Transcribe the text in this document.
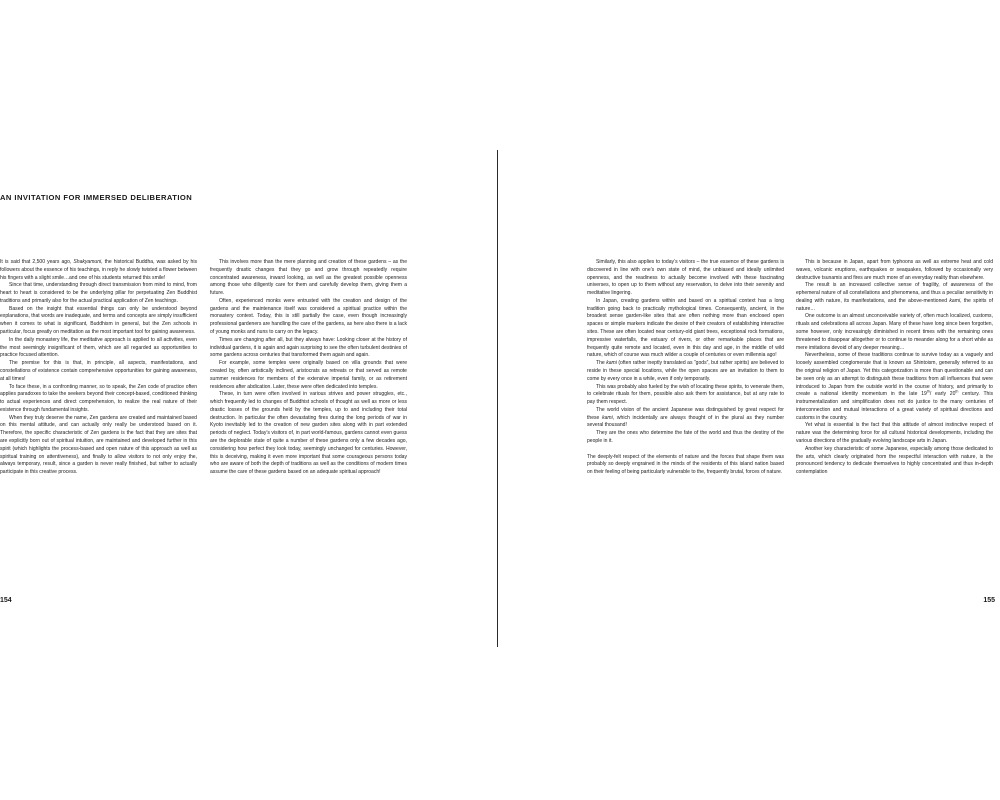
AN INVITATION FOR IMMERSED DELIBERATION

154	155

It is said that 2,500 years ago, Shakyamuni, the historical Buddha, was asked by his followers about the essence of his teachings, in reply he slowly twisted a flower between his fingers with a slight smile…and one of his students returned this smile!

Since that time, understanding through direct transmission from mind to mind, from heart to heart is considered to be the underlying pillar for perpetuating Zen Buddhist traditions and primarily also for the actual practical application of Zen teachings.

Based on the insight that essential things can only be understood beyond explanations, that words are inadequate, and terms and concepts are simply insufficient when it comes to what is significant, Buddhism in general, but the Zen schools in particular, focus greatly on meditation as the most important tool for gaining awareness.

In the daily monastery life, the meditative approach is applied to all activities, even the most seemingly insignificant of them, which are all regarded as opportunities to practice focused attention.

The premise for this is that, in principle, all aspects, manifestations, and constellations of existence contain comprehensive opportunities for gaining awareness, at all times!

To face these, in a confronting manner, so to speak, the Zen code of practice often applies paradoxes to take the seekers beyond their concept-based, conditioned thinking to actual experiences and direct comprehension, to realize the real nature of their existence through fundamental insights.

When they truly deserve the name, Zen gardens are created and maintained based on this mental attitude, and can actually only really be understood based on it. Therefore, the specific characteristic of Zen gardens is the fact that they are sites that are explicitly born out of spiritual intuition, are maintained and developed further in this spirit (which highlights the process-based and open nature of this approach as well as spiritual training on attentiveness), and finally to allow visitors to not only enjoy the, always temporary, result, since a garden is never really finished, but rather to actually participate in this creative process.

This involves more than the mere planning and creation of these gardens – as the frequently drastic changes that they go and grow through repeatedly require concentrated awareness, inward looking, as well as the greatest possible openness among those who diligently care for them and carefully develop them, giving them a future.

Often, experienced monks were entrusted with the creation and design of the gardens and the maintenance itself was considered a spiritual practice within the monastery context. Today, this is still partially the case, even though increasingly professional gardeners are handling the care of the gardens, as here also there is a lack of young monks and nuns to carry on the legacy.

Times are changing after all, but they always have: Looking closer at the history of individual gardens, it is again and again surprising to see the often turbulent destinies of some gardens across centuries that transformed them again and again.

For example, some temples were originally based on villa grounds that were created by, often artistically inclined, aristocrats as retreats or that served as remote summer residences for members of the extensive imperial family, or as retirement residences after abdication. Later, these were often dedicated into temples.

These, in turn were often involved in various strives and power struggles, etc., which frequently led to changes of Buddhist schools of thought as well as more or less drastic losses of the grounds held by the temples, up to and including their total destruction. In particular the often devastating fires during the long periods of war in Kyoto inevitably led to the creation of new garden sites along with in part extended periods of neglect. Today’s visitors of, in part world-famous, gardens cannot even guess are the deplorable state of quite a number of these gardens only a few decades ago, considering how perfect they look today, seemingly unchanged for centuries. However, this is deceiving, making it even more important that some courageous persons today who are aware of both the depth of traditions as well as the conditions of modern times assume the care of these gardens based on an adequate spiritual approach!

Similarly, this also applies to today’s visitors – the true essence of these gardens is discovered in line with one’s own state of mind, the unbiased and ideally unlimited openness, and the readiness to actually become involved with these fascinating universes, to open up to them without any reservation, to delve into their serenity and meditative lingering.

In Japan, creating gardens within and based on a spiritual context has a long tradition going back to practically mythological times. Consequently, ancient, in the broadest sense garden-like sites that are often nothing more than enclosed open spaces or simple markers indicate the desire of their creators of establishing interactive sites. These are often located near century-old giant trees, exceptional rock formations, impressive waterfalls, the estuary of rivers, or other remarkable places that are frequently quite remote and located, even in this day and age, in the middle of wild nature, which of course was much wilder a couple of centuries or even millennia ago!

The kami (often rather ineptly translated as “gods”, but rather spirits) are believed to reside in these special locations, while the open spaces are an invitation to them to come by every once in a while, even if only temporarily.

This was probably also fueled by the wish of locating these spirits, to venerate them, to celebrate rituals for them, possible also ask them for assistance, but at any rate to pay them respect.

The world vision of the ancient Japanese was distinguished by great respect for these kami, which incidentally are always thought of in the plural as they number several thousand!

They are the ones who determine the fate of the world and thus the destiny of the people in it.

The deeply-felt respect of the elements of nature and the forces that shape them was probably so deeply engrained in the minds of the residents of this island nation based on their feeling of being particularly vulnerable to the, frequently brutal, forces of nature.

This is because in Japan, apart from typhoons as well as extreme heat and cold waves, volcanic eruptions, earthquakes or seaquakes, followed by occasionally very destructive tsunamis and fires are much more of an everyday reality than elsewhere.

The result is an increased collective sense of fragility, of awareness of the ephemeral nature of all constellations and phenomena, and thus a peculiar sensitivity in dealing with nature, its manifestations, and the above-mentioned kami, the spirits of nature…

One outcome is an almost unconceivable variety of, often much localized, customs, rituals and celebrations all across Japan. Many of these have long since been forgotten, some however, only increasingly diminished in recent times with the remaining ones threatened to disappear altogether or to continue to meander along for a short while as mere imitations devoid of any deeper meaning…

Nevertheless, some of these traditions continue to survive today as a vaguely and loosely assembled conglomerate that is known as Shintoism, generally referred to as the original religion of Japan. Yet this categorization is more than questionable and can be seen only as an attempt to distinguish these traditions from all influences that were introduced to Japan from the outside world in the course of history, and primarily to create a national identity momentum in the late 19th/ early 20th century. This instrumentalization and simplification does not do justice to the many centuries of interconnection and mutual interactions of a great variety of spiritual directions and customs in the country.

Yet what is essential is the fact that this attitude of almost instinctive respect of nature was the determining force for all cultural historical developments, including the various directions of the gradually evolving landscape arts in Japan.

Another key characteristic of some Japanese, especially among those dedicated to the arts, which clearly originated from the respectful interaction with nature, is the pronounced tendency to dedicate themselves to highly concentrated and thus in-depth contemplation
